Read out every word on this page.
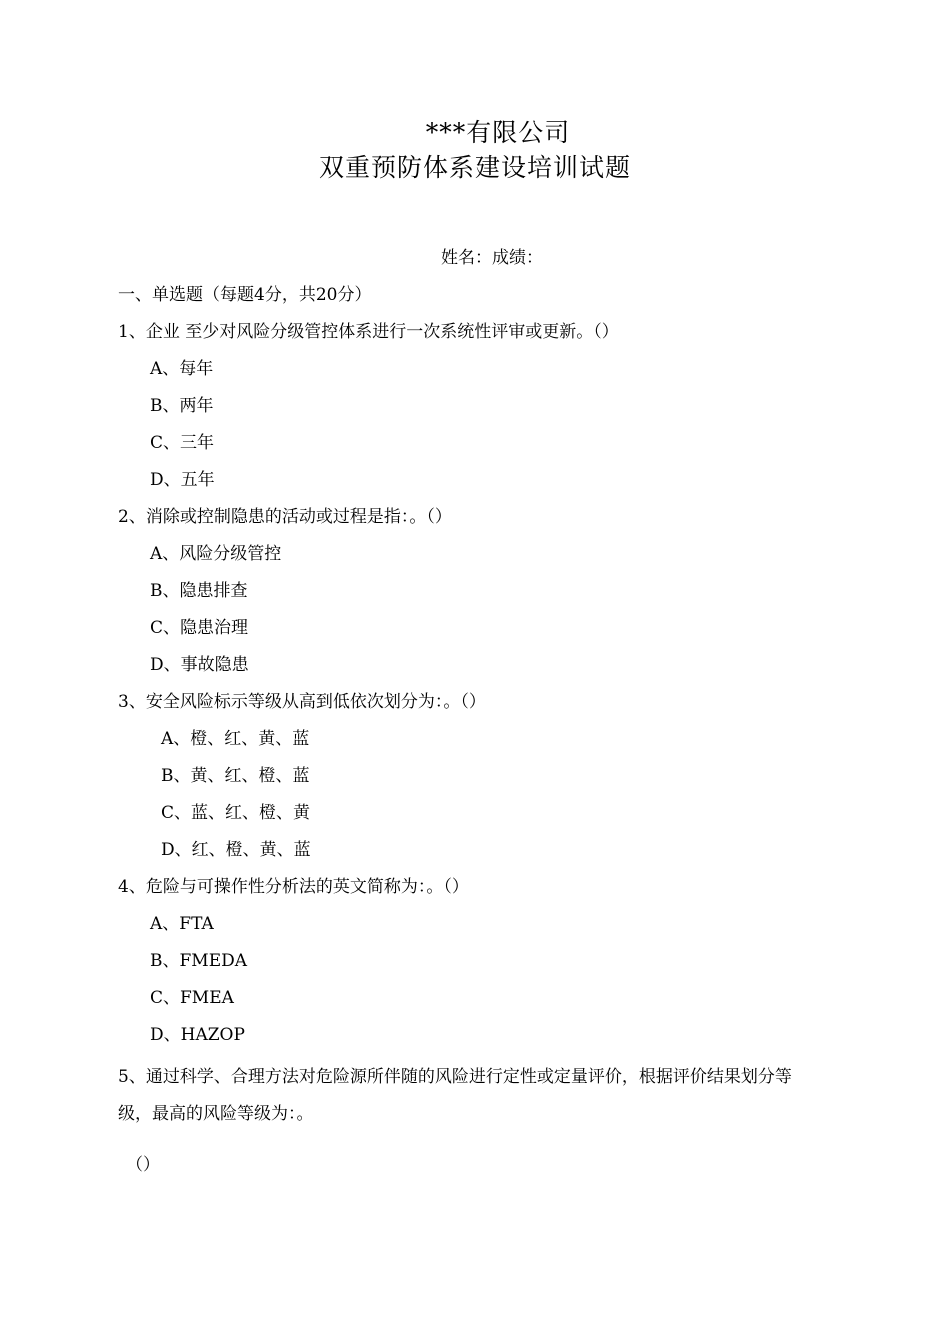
***有限公司
双重预防体系建设培训试题
姓名：成绩：
一、单选题（每题4分，共20分）
1、企业 至少对风险分级管控体系进行一次系统性评审或更新。（）
A、每年
B、两年
C、三年
D、五年
2、消除或控制隐患的活动或过程是指：。（）
A、风险分级管控
B、隐患排查
C、隐患治理
D、事故隐患
3、安全风险标示等级从高到低依次划分为：。（）
A、橙、红、黄、蓝
B、黄、红、橙、蓝
C、蓝、红、橙、黄
D、红、橙、黄、蓝
4、危险与可操作性分析法的英文简称为：。（）
A、FTA
B、FMEDA
C、FMEA
D、HAZOP
5、通过科学、合理方法对危险源所伴随的风险进行定性或定量评价，根据评价结果划分等
级，最高的风险等级为：。
（）
